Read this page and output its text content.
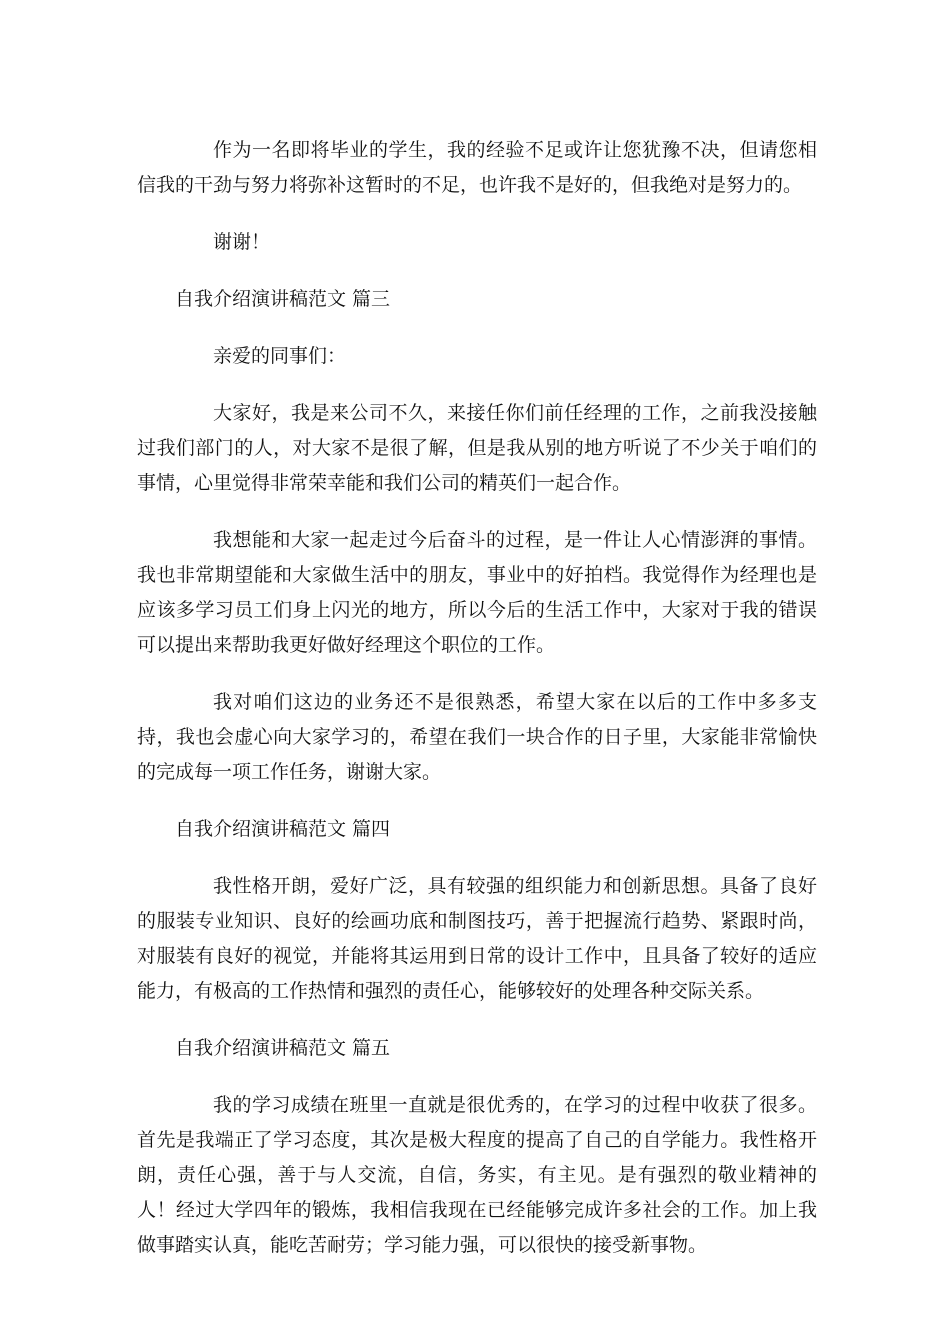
作为一名即将毕业的学生，我的经验不足或许让您犹豫不决，但请您相信我的干劲与努力将弥补这暂时的不足，也许我不是好的，但我绝对是努力的。

谢谢！

自我介绍演讲稿范文 篇三

亲爱的同事们：

大家好，我是来公司不久，来接任你们前任经理的工作，之前我没接触过我们部门的人，对大家不是很了解，但是我从别的地方听说了不少关于咱们的事情，心里觉得非常荣幸能和我们公司的精英们一起合作。

我想能和大家一起走过今后奋斗的过程，是一件让人心情澎湃的事情。我也非常期望能和大家做生活中的朋友，事业中的好拍档。我觉得作为经理也是应该多学习员工们身上闪光的地方，所以今后的生活工作中，大家对于我的错误可以提出来帮助我更好做好经理这个职位的工作。

我对咱们这边的业务还不是很熟悉，希望大家在以后的工作中多多支持，我也会虚心向大家学习的，希望在我们一块合作的日子里，大家能非常愉快的完成每一项工作任务，谢谢大家。

自我介绍演讲稿范文 篇四

我性格开朗，爱好广泛，具有较强的组织能力和创新思想。具备了良好的服装专业知识、良好的绘画功底和制图技巧，善于把握流行趋势、紧跟时尚，对服装有良好的视觉，并能将其运用到日常的设计工作中，且具备了较好的适应能力，有极高的工作热情和强烈的责任心，能够较好的处理各种交际关系。

自我介绍演讲稿范文 篇五

我的学习成绩在班里一直就是很优秀的，在学习的过程中收获了很多。首先是我端正了学习态度，其次是极大程度的提高了自己的自学能力。我性格开朗，责任心强，善于与人交流，自信，务实，有主见。是有强烈的敬业精神的人！经过大学四年的锻炼，我相信我现在已经能够完成许多社会的工作。加上我做事踏实认真，能吃苦耐劳；学习能力强，可以很快的接受新事物。
